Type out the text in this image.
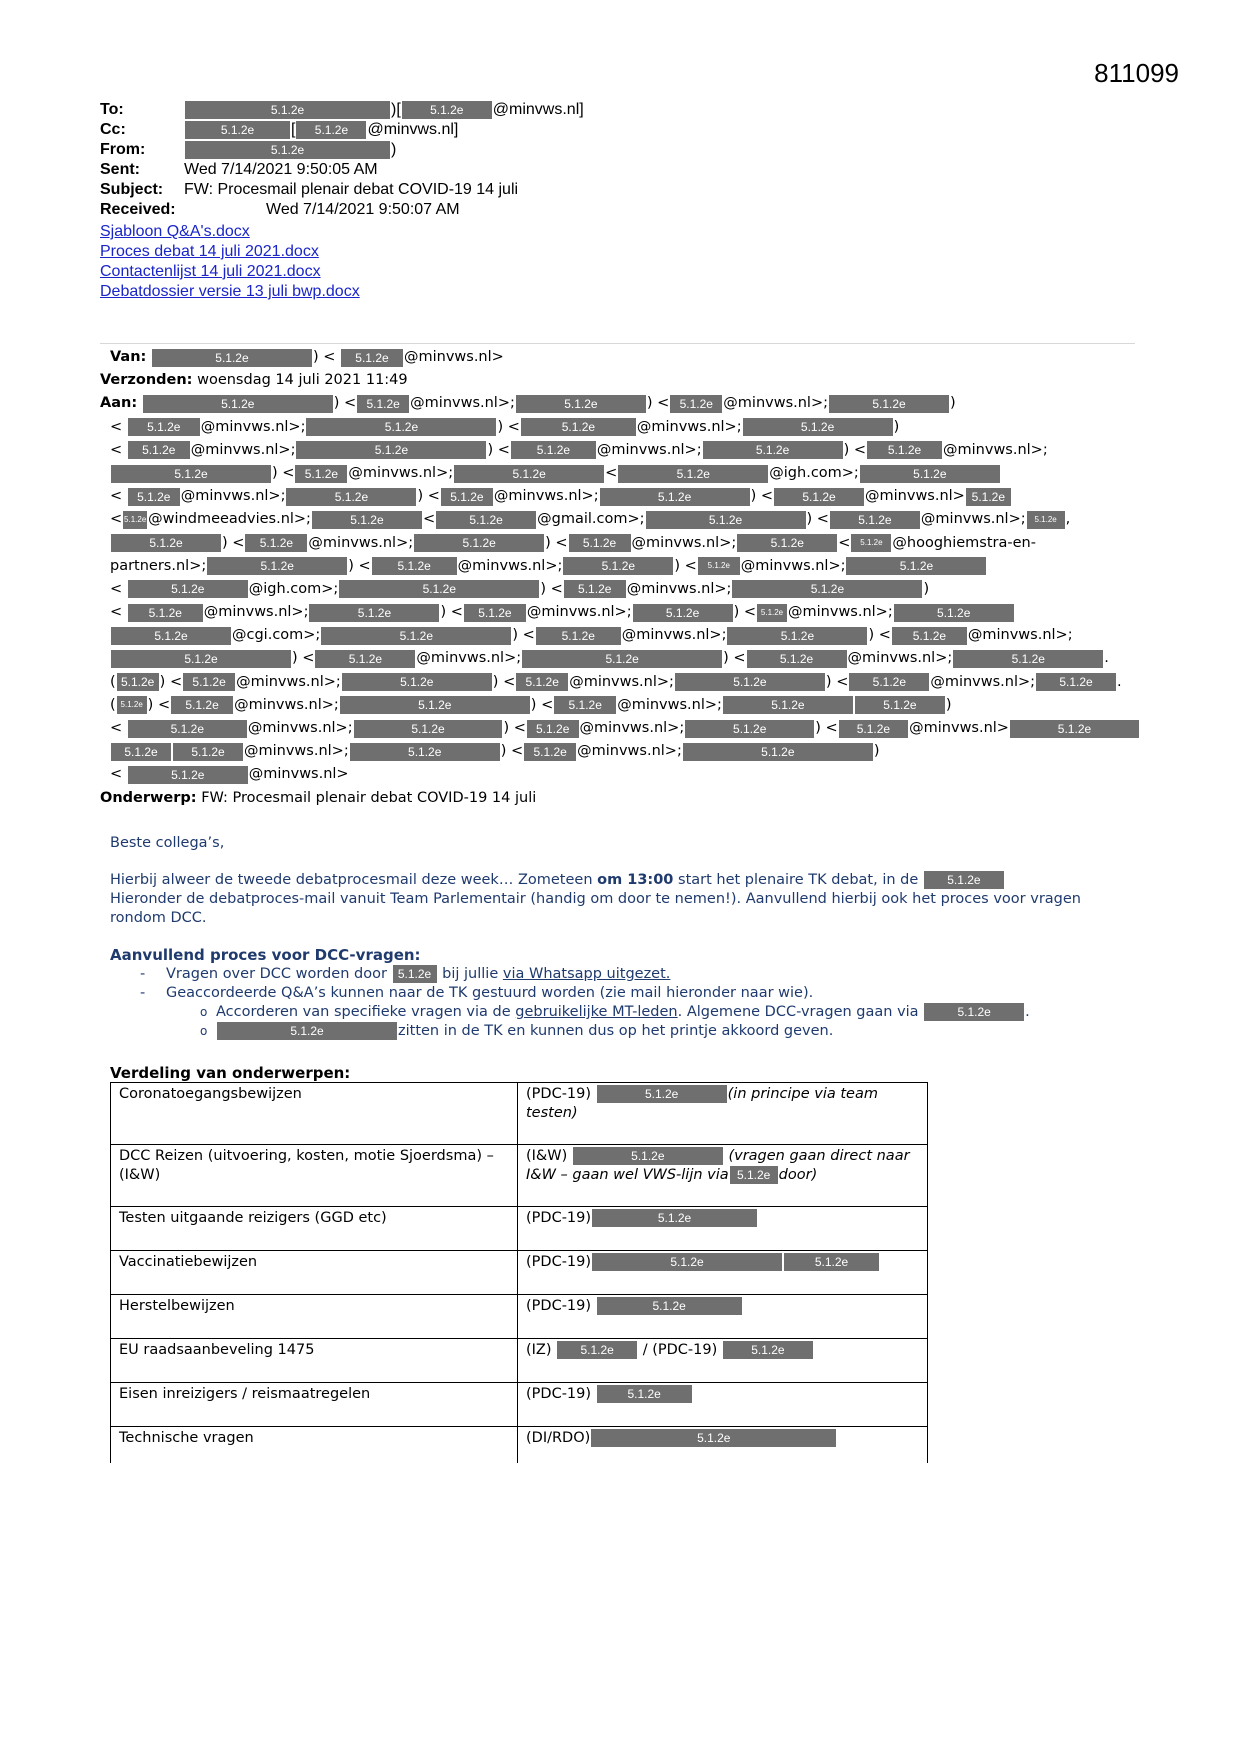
811099
To:	5.1.2e	)[	5.1.2e	@minvws.nl]
Cc:	5.1.2e	[	5.1.2e	@minvws.nl]
From:	5.1.2e	)
Sent:	Wed 7/14/2021 9:50:05 AM
Subject:	FW: Procesmail plenair debat COVID-19 14 juli
Received:	Wed 7/14/2021 9:50:07 AM
Sjabloon Q&A's.docx
Proces debat 14 juli 2021.docx
Contactenlijst 14 juli 2021.docx
Debatdossier versie 13 juli bwp.docx
Van:
	5.1.2e	) <
	5.1.2e	@minvws.nl>
Verzonden:
woensdag 14 juli 2021 11:49
Aan:
	5.1.2e	) < 5.1.2e @minvws.nl>;	5.1.2e	) < 5.1.2e @minvws.nl>;	5.1.2e	)
<	5.1.2e	@minvws.nl>;	5.1.2e	) <	5.1.2e	@minvws.nl>;	5.1.2e	)
<	5.1.2e	@minvws.nl>;	5.1.2e	) <	5.1.2e	@minvws.nl>;	5.1.2e	) <	5.1.2e	@minvws.nl>;
5.1.2e	) < 5.1.2e @minvws.nl>;	5.1.2e	<	5.1.2e	@igh.com>;	5.1.2e
< 5.1.2e @minvws.nl>;	5.1.2e	) < 5.1.2e @minvws.nl>;	5.1.2e	) <	5.1.2e	@minvws.nl> 5.1.2e
< 5.1.2e @windmeeadvies.nl>;	5.1.2e	<	5.1.2e	@gmail.com>;	5.1.2e	) <	5.1.2e	@minvws.nl>;	5.1.2e ,
5.1.2e	) <	5.1.2e	@minvws.nl>;	5.1.2e	) <	5.1.2e	@minvws.nl>;	5.1.2e	<	5.1.2e @hooghiemstra-en-
partners.nl>;	5.1.2e	) <	5.1.2e	@minvws.nl>;	5.1.2e	) <	5.1.2e @minvws.nl>;	5.1.2e
<	5.1.2e	@igh.com>;	5.1.2e	) <	5.1.2e	@minvws.nl>;	5.1.2e	)
<	5.1.2e	@minvws.nl>;	5.1.2e	) <	5.1.2e	@minvws.nl>;	5.1.2e	) < 5.1.2e @minvws.nl>;	5.1.2e
5.1.2e	@cgi.com>;	5.1.2e	) <	5.1.2e	@minvws.nl>;	5.1.2e	) <	5.1.2e	@minvws.nl>;
5.1.2e	) <	5.1.2e	@minvws.nl>;	5.1.2e	) <	5.1.2e	@minvws.nl>;	5.1.2e	.
( 5.1.2e ) < 5.1.2e @minvws.nl>;	5.1.2e	) < 5.1.2e @minvws.nl>;	5.1.2e	) <	5.1.2e	@minvws.nl>;	5.1.2e	.
( 5.1.2e ) <	5.1.2e	@minvws.nl>;	5.1.2e	) <	5.1.2e	@minvws.nl>;	5.1.2e	5.1.2e	)
<	5.1.2e	@minvws.nl>;	5.1.2e	) < 5.1.2e @minvws.nl>;	5.1.2e	) <	5.1.2e	@minvws.nl>	5.1.2e
5.1.2e	5.1.2e	@minvws.nl>;	5.1.2e	) < 5.1.2e @minvws.nl>;	5.1.2e	)
<	5.1.2e	@minvws.nl>
Onderwerp:
FW: Procesmail plenair debat COVID-19 14 juli

Beste collega’s,

Hierbij alweer de tweede debatprocesmail deze week… Zometeen om 13:00 start het plenaire TK debat, in de 5.1.2e

Hieronder de debatproces-mail vanuit Team Parlementair (handig om door te nemen!). Aanvullend hierbij ook het proces voor vragen rondom DCC.

Aanvullend proces voor DCC-vragen:

- Vragen over DCC worden door 5.1.2e bij jullie via Whatsapp uitgezet.
- Geaccordeerde Q&A’s kunnen naar de TK gestuurd worden (zie mail hieronder naar wie).
o Accorderen van specifieke vragen via de gebruikelijke MT-leden. Algemene DCC-vragen gaan via	5.1.2e .
o 5.1.2e	zitten in de TK en kunnen dus op het printje akkoord geven.
Verdeling van onderwerpen:
Coronatoegangsbewijzen	(PDC-19) 5.1.2e (in principe via team testen)
DCC Reizen (uitvoering, kosten, motie Sjoerdsma) – (I&W)	(I&W) 5.1.2e (vragen gaan direct naar I&W – gaan wel VWS-lijn via 5.1.2e door)
Testen uitgaande reizigers (GGD etc)	(PDC-19) 5.1.2e
Vaccinatiebewijzen	(PDC-19) 5.1.2e 5.1.2e
Herstelbewijzen	(PDC-19) 5.1.2e
EU raadsaanbeveling 1475	(IZ) 5.1.2e / (PDC-19) 5.1.2e
Eisen inreizigers / reismaatregelen	(PDC-19) 5.1.2e
Technische vragen	(DI/RDO) 5.1.2e
